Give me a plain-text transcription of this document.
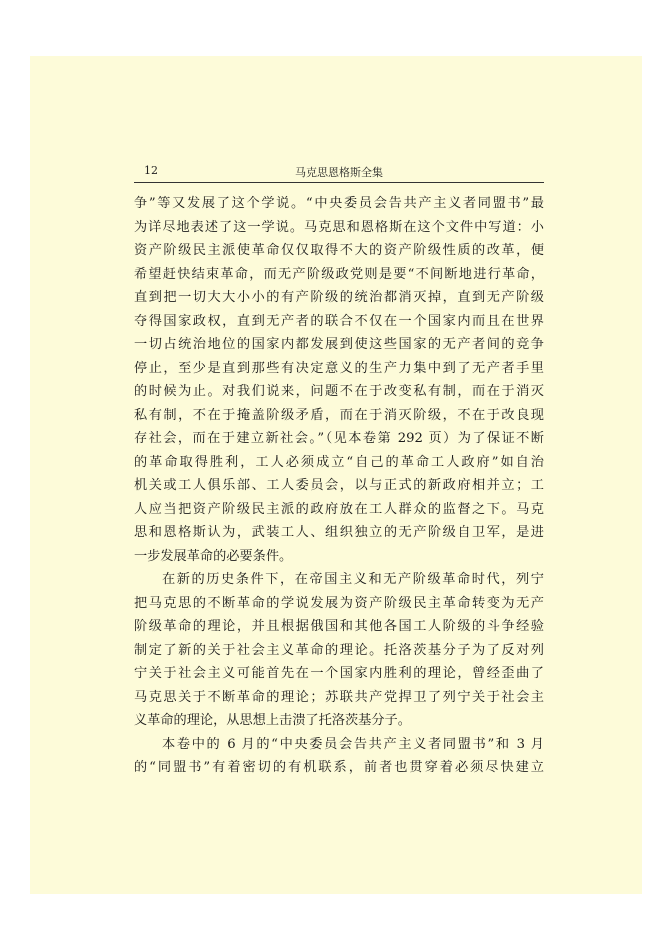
12	马克思恩格斯全集
争”等又发展了这个学说。“中央委员会告共产主义者同盟书”最
为详尽地表述了这一学说。马克思和恩格斯在这个文件中写道：小
资产阶级民主派使革命仅仅取得不大的资产阶级性质的改革，便
希望赶快结束革命，而无产阶级政党则是要“不间断地进行革命，
直到把一切大大小小的有产阶级的统治都消灭掉，直到无产阶级
夺得国家政权，直到无产者的联合不仅在一个国家内而且在世界
一切占统治地位的国家内都发展到使这些国家的无产者间的竞争
停止，至少是直到那些有决定意义的生产力集中到了无产者手里
的时候为止。对我们说来，问题不在于改变私有制，而在于消灭
私有制，不在于掩盖阶级矛盾，而在于消灭阶级，不在于改良现
存社会，而在于建立新社会。”（见本卷第 292 页）为了保证不断
的革命取得胜利，工人必须成立“自己的革命工人政府”如自治
机关或工人俱乐部、工人委员会，以与正式的新政府相并立；工
人应当把资产阶级民主派的政府放在工人群众的监督之下。马克
思和恩格斯认为，武装工人、组织独立的无产阶级自卫军，是进
一步发展革命的必要条件。
在新的历史条件下，在帝国主义和无产阶级革命时代，列宁
把马克思的不断革命的学说发展为资产阶级民主革命转变为无产
阶级革命的理论，并且根据俄国和其他各国工人阶级的斗争经验
制定了新的关于社会主义革命的理论。托洛茨基分子为了反对列
宁关于社会主义可能首先在一个国家内胜利的理论，曾经歪曲了
马克思关于不断革命的理论；苏联共产党捍卫了列宁关于社会主
义革命的理论，从思想上击溃了托洛茨基分子。
本卷中的 6 月的“中央委员会告共产主义者同盟书”和 3 月
的“同盟书”有着密切的有机联系，前者也贯穿着必须尽快建立
